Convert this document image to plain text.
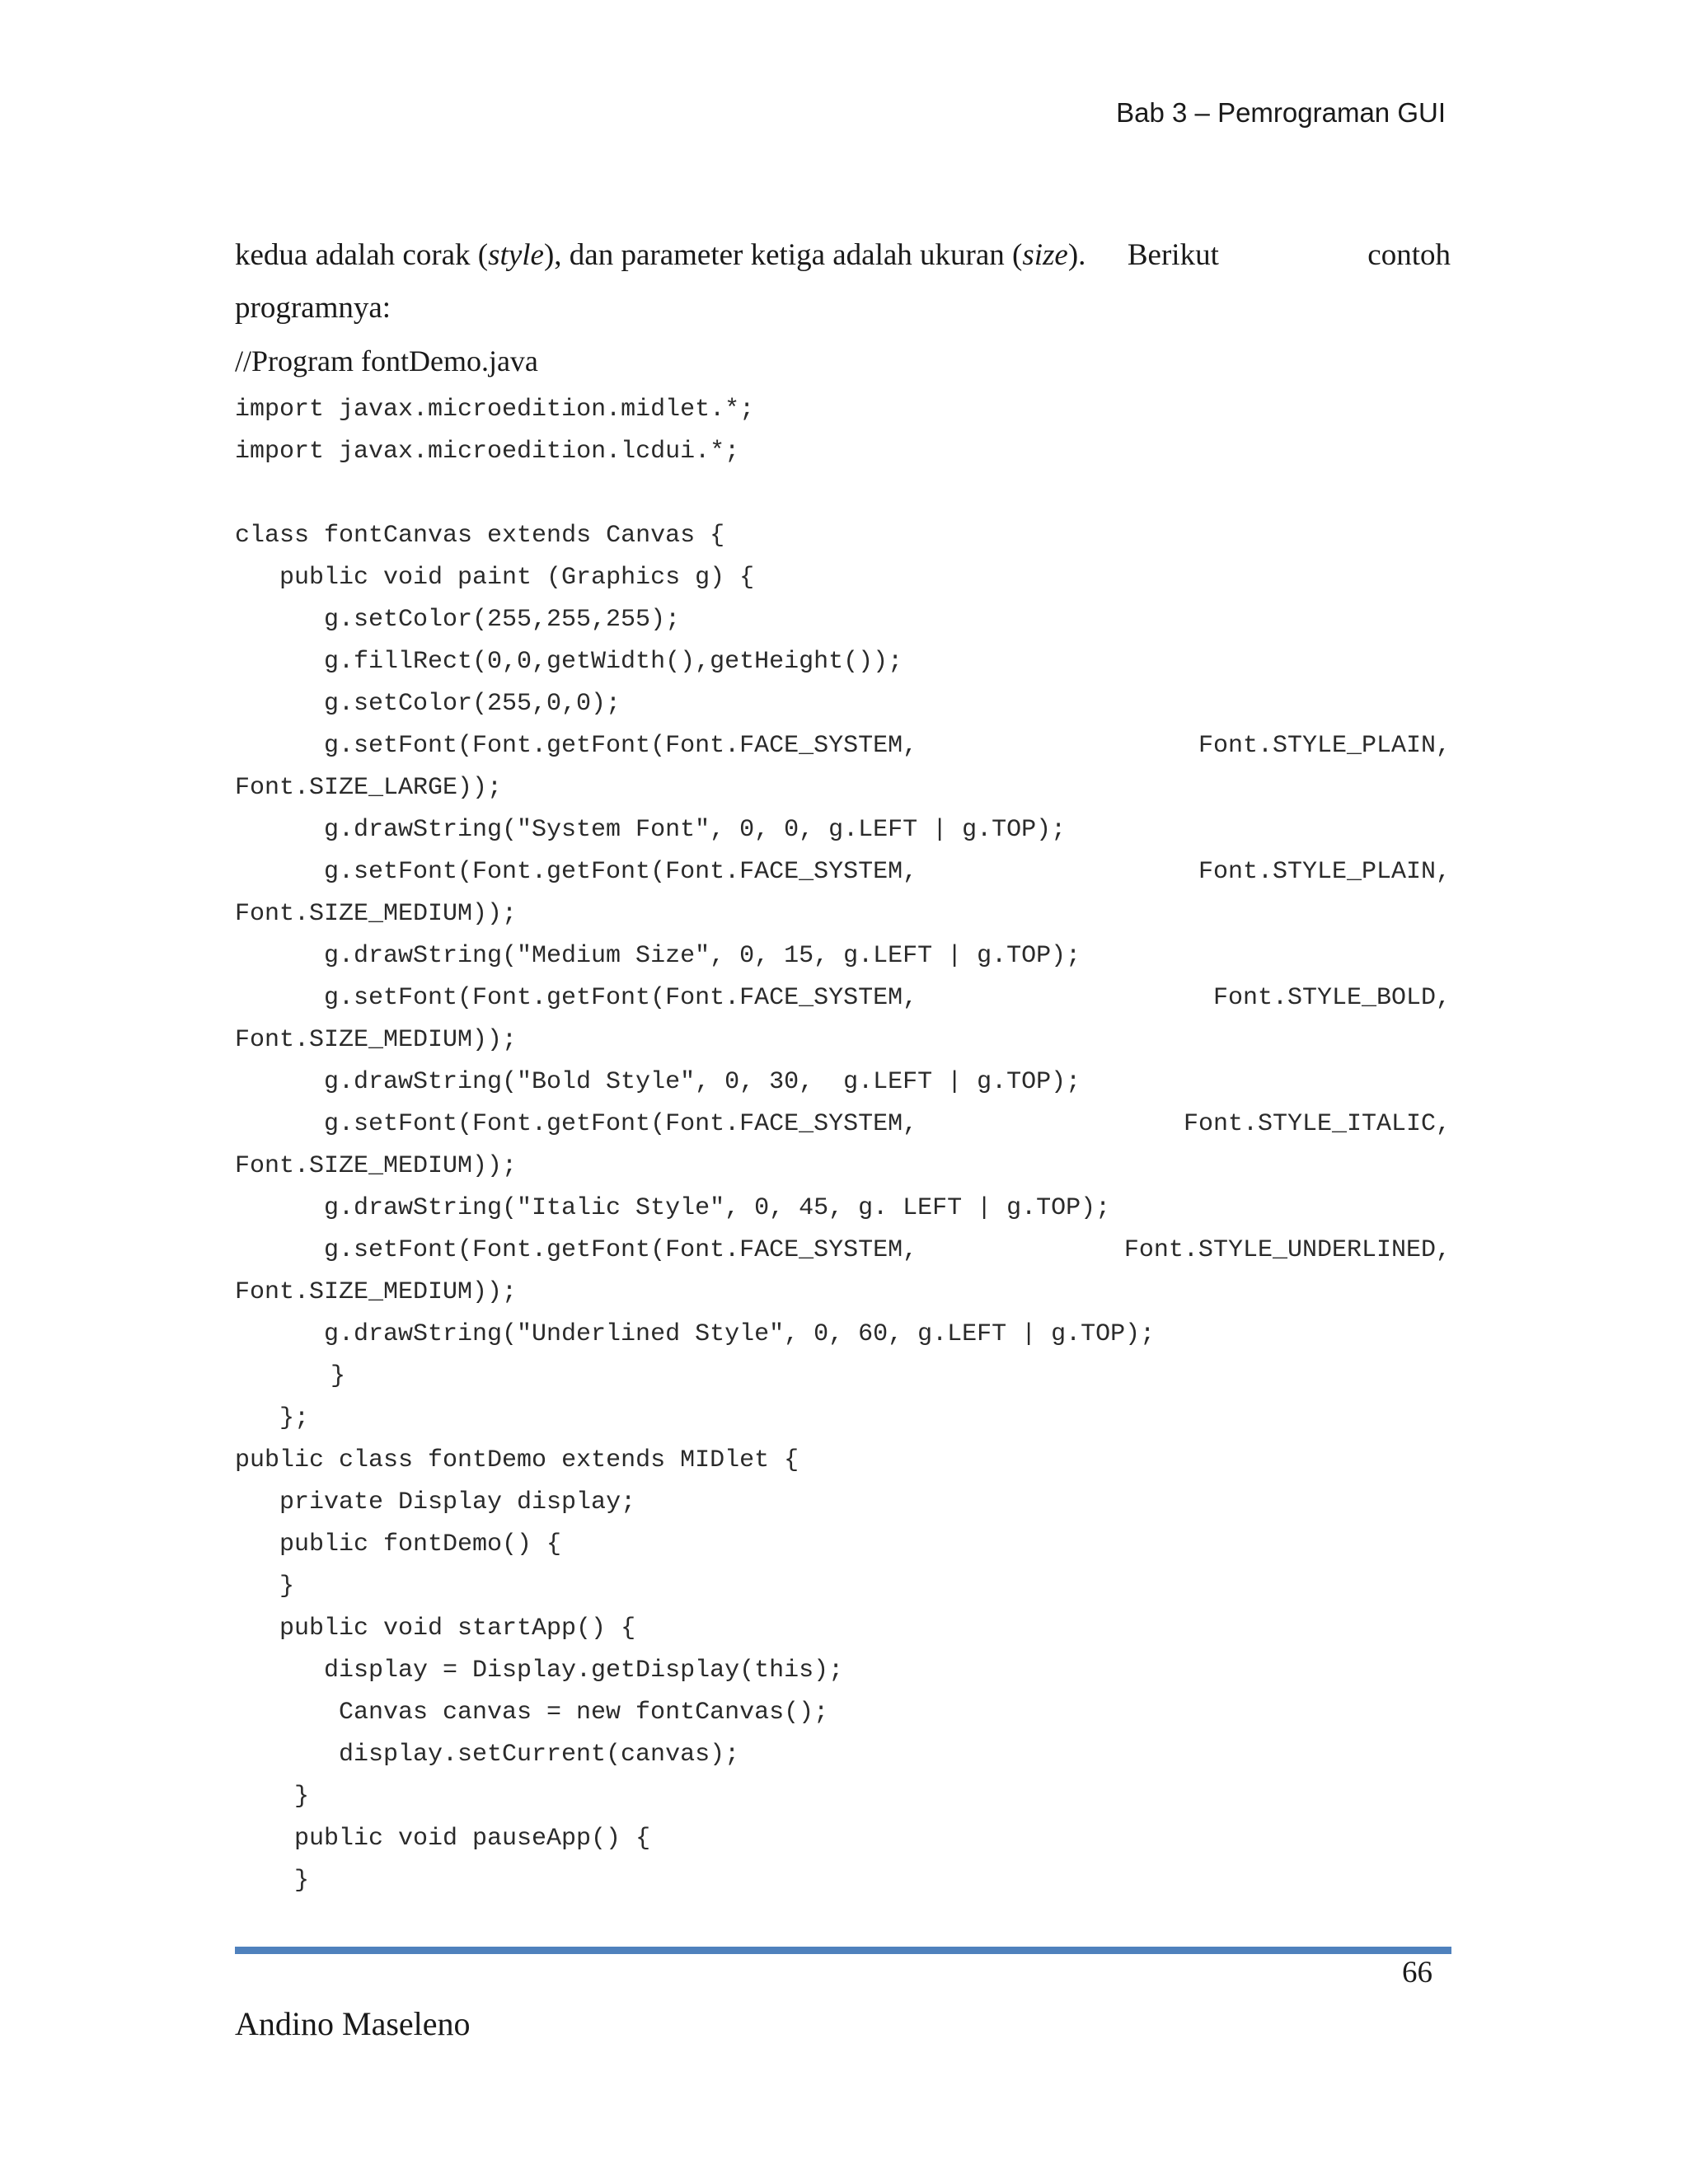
Bab 3 – Pemrograman GUI
kedua adalah corak (style), dan parameter ketiga adalah ukuran (size). Berikut	contoh
programnya:
//Program fontDemo.java
import javax.microedition.midlet.*;
import javax.microedition.lcdui.*;
class fontCanvas extends Canvas {
public void paint (Graphics g) {
g.setColor(255,255,255);
g.fillRect(0,0,getWidth(),getHeight());
g.setColor(255,0,0);
g.setFont(Font.getFont(Font.FACE_SYSTEM,	Font.STYLE_PLAIN,
Font.SIZE_LARGE));
g.drawString("System Font", 0, 0, g.LEFT | g.TOP);
g.setFont(Font.getFont(Font.FACE_SYSTEM,	Font.STYLE_PLAIN,
Font.SIZE_MEDIUM));
g.drawString("Medium Size", 0, 15, g.LEFT | g.TOP);
g.setFont(Font.getFont(Font.FACE_SYSTEM,	Font.STYLE_BOLD,
Font.SIZE_MEDIUM));
g.drawString("Bold Style", 0, 30,  g.LEFT | g.TOP);
g.setFont(Font.getFont(Font.FACE_SYSTEM,	Font.STYLE_ITALIC,
Font.SIZE_MEDIUM));
g.drawString("Italic Style", 0, 45, g. LEFT | g.TOP);
g.setFont(Font.getFont(Font.FACE_SYSTEM,	Font.STYLE_UNDERLINED,
Font.SIZE_MEDIUM));
g.drawString("Underlined Style", 0, 60, g.LEFT | g.TOP);
}
};
public class fontDemo extends MIDlet {
private Display display;
public fontDemo() {
}
public void startApp() {
display = Display.getDisplay(this);
Canvas canvas = new fontCanvas();
display.setCurrent(canvas);
}
public void pauseApp() {
}
66
Andino Maseleno
